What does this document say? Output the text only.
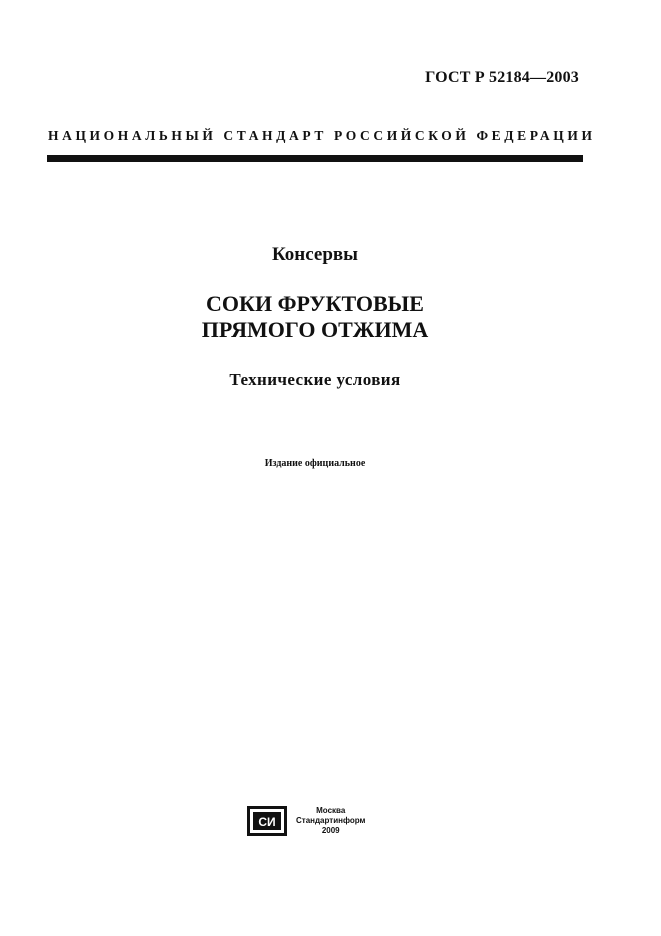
ГОСТ Р 52184—2003
НАЦИОНАЛЬНЫЙ СТАНДАРТ РОССИЙСКОЙ ФЕДЕРАЦИИ
Консервы
СОКИ ФРУКТОВЫЕ
ПРЯМОГО ОТЖИМА
Технические условия
Издание официальное
СИ
Москва
Стандартинформ
2009
